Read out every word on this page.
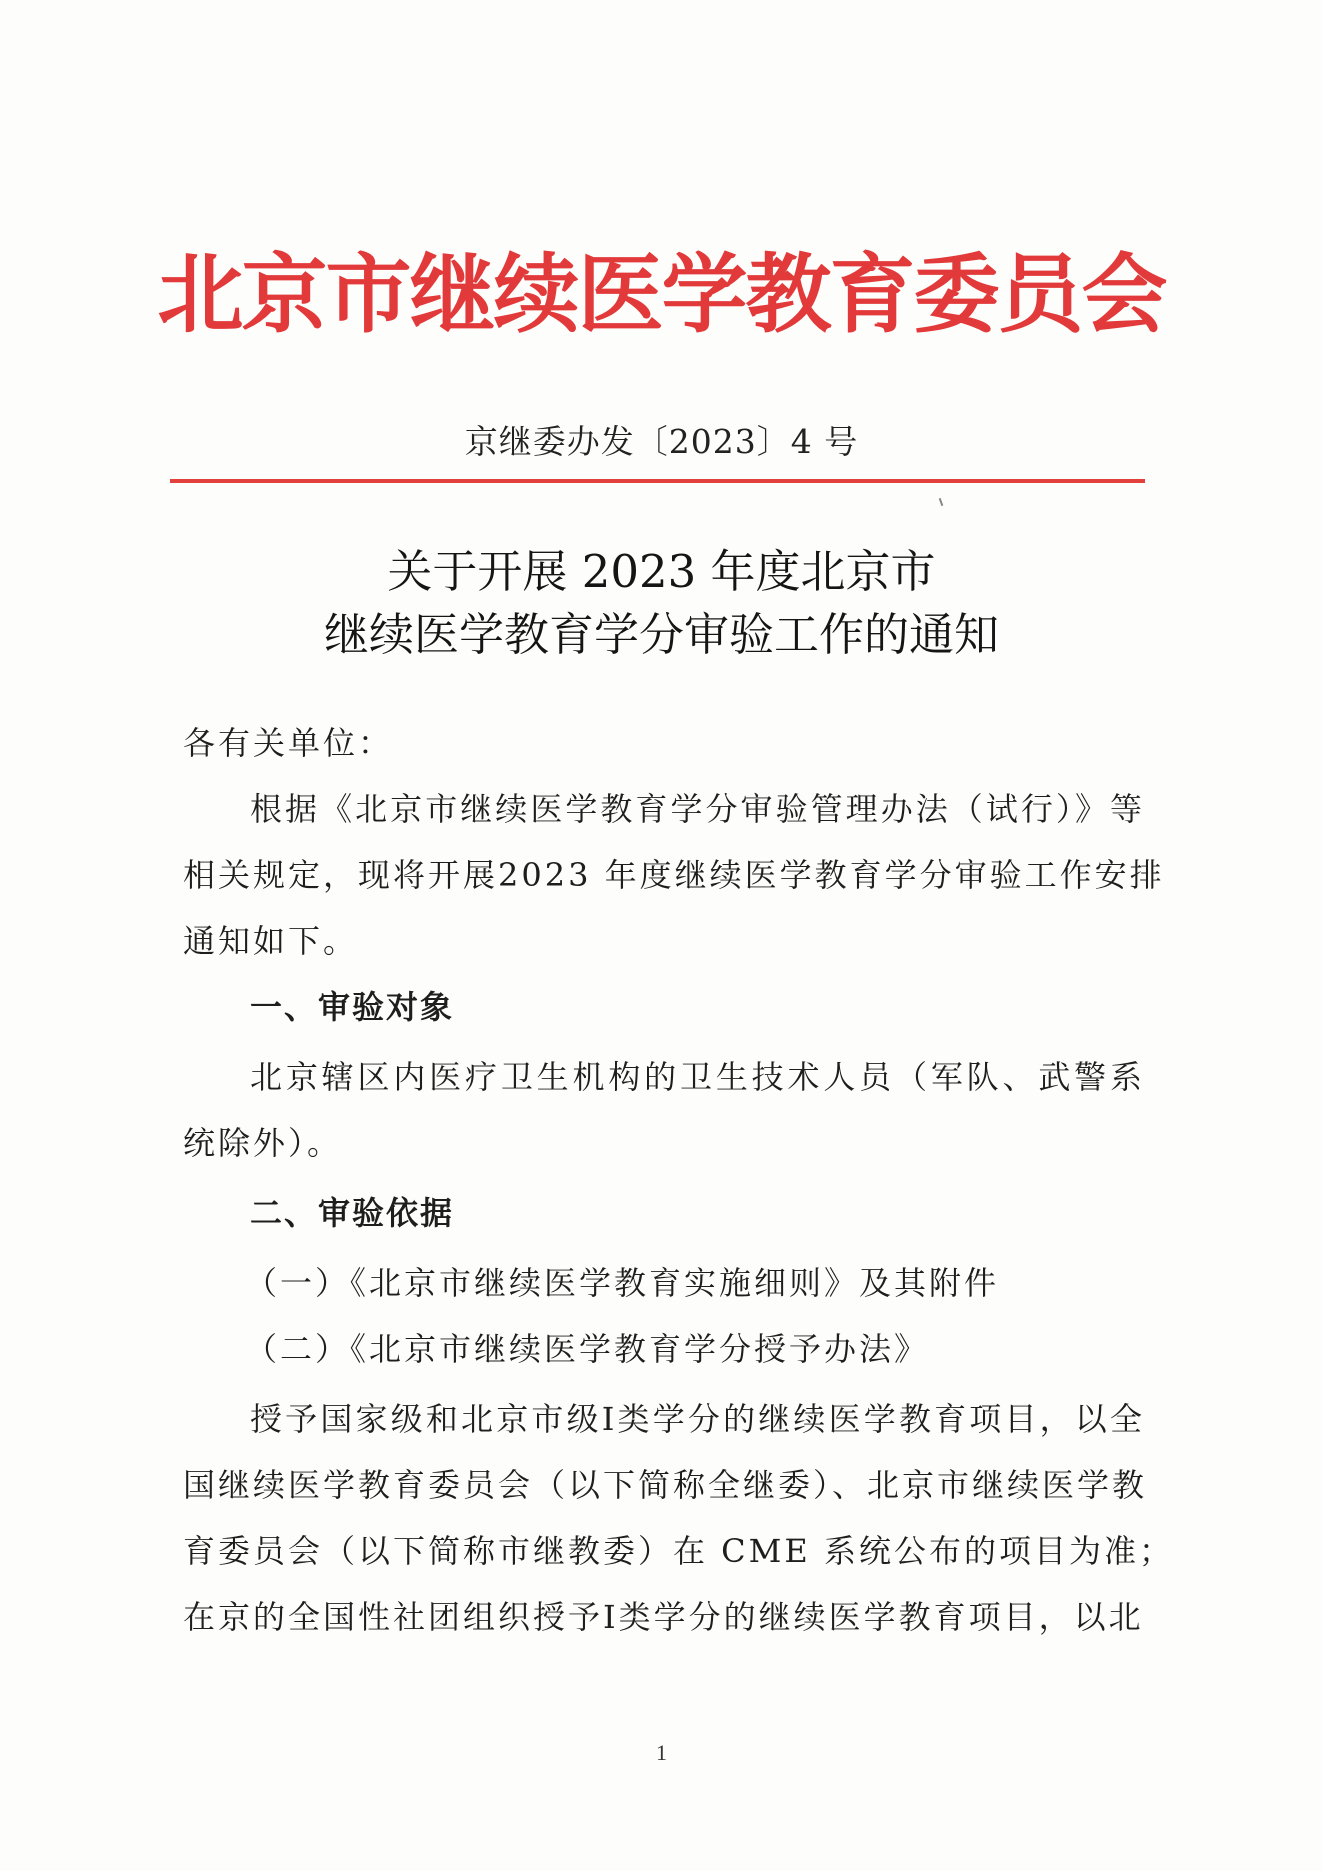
北京市继续医学教育委员会
京继委办发〔2023〕4 号
关于开展 2023 年度北京市
继续医学教育学分审验工作的通知
各有关单位：
根据《北京市继续医学教育学分审验管理办法（试行）》等
相关规定，现将开展2023 年度继续医学教育学分审验工作安排
通知如下。
一、审验对象
北京辖区内医疗卫生机构的卫生技术人员（军队、武警系
统除外）。
二、审验依据
（一）《北京市继续医学教育实施细则》及其附件
（二）《北京市继续医学教育学分授予办法》
授予国家级和北京市级Ⅰ类学分的继续医学教育项目，以全
国继续医学教育委员会（以下简称全继委）、北京市继续医学教
育委员会（以下简称市继教委）在 CME 系统公布的项目为准；
在京的全国性社团组织授予Ⅰ类学分的继续医学教育项目，以北
1
